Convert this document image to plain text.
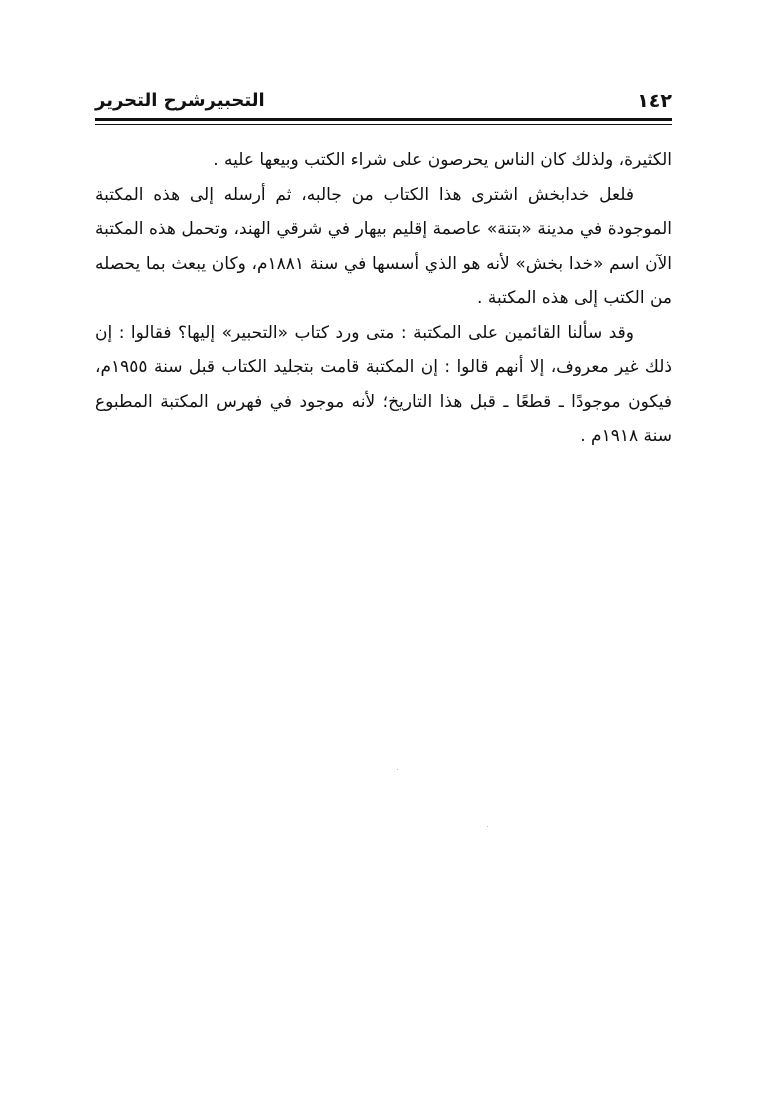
١٤٢
التحبيرشرح التحرير

الكثيرة، ولذلك كان الناس يحرصون على شراء الكتب وبيعها عليه .

فلعل خدابخش اشترى هذا الكتاب من جالبه، ثم أرسله إلى هذه المكتبة الموجودة في مدينة «بتنة» عاصمة إقليم بيهار في شرقي الهند، وتحمل هذه المكتبة الآن اسم «خدا بخش» لأنه هو الذي أسسها في سنة ١٨٨١م، وكان يبعث بما يحصله من الكتب إلى هذه المكتبة .

وقد سألنا القائمين على المكتبة : متى ورد كتاب «التحبير» إليها؟ فقالوا : إن ذلك غير معروف، إلا أنهم قالوا : إن المكتبة قامت بتجليد الكتاب قبل سنة ١٩٥٥م، فيكون موجودًا ـ قطعًا ـ قبل هذا التاريخ؛ لأنه موجود في فهرس المكتبة المطبوع سنة ١٩١٨م .
